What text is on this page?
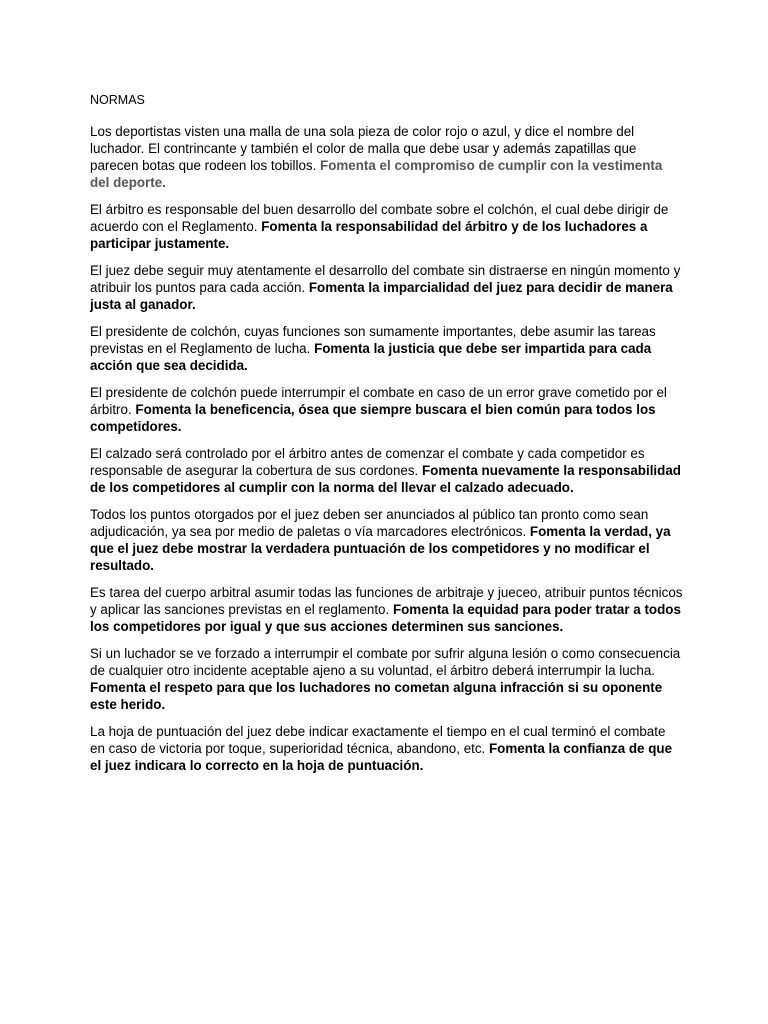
NORMAS

Los deportistas visten una malla de una sola pieza de color rojo o azul, y dice el nombre del luchador. El contrincante y también el color de malla que debe usar y además zapatillas que parecen botas que rodeen los tobillos. Fomenta el compromiso de cumplir con la vestimenta del deporte.

El árbitro es responsable del buen desarrollo del combate sobre el colchón, el cual debe dirigir de acuerdo con el Reglamento. Fomenta la responsabilidad del árbitro y de los luchadores a participar justamente.

El juez debe seguir muy atentamente el desarrollo del combate sin distraerse en ningún momento y atribuir los puntos para cada acción. Fomenta la imparcialidad del juez para decidir de manera justa al ganador.

El presidente de colchón, cuyas funciones son sumamente importantes, debe asumir las tareas previstas en el Reglamento de lucha. Fomenta la justicia que debe ser impartida para cada acción que sea decidida.

El presidente de colchón puede interrumpir el combate en caso de un error grave cometido por el árbitro. Fomenta la beneficencia, ósea que siempre buscara el bien común para todos los competidores.

El calzado será controlado por el árbitro antes de comenzar el combate y cada competidor es responsable de asegurar la cobertura de sus cordones. Fomenta nuevamente la responsabilidad de los competidores al cumplir con la norma del llevar el calzado adecuado.

Todos los puntos otorgados por el juez deben ser anunciados al público tan pronto como sean adjudicación, ya sea por medio de paletas o vía marcadores electrónicos. Fomenta la verdad, ya que el juez debe mostrar la verdadera puntuación de los competidores y no modificar el resultado.

Es tarea del cuerpo arbitral asumir todas las funciones de arbitraje y jueceo, atribuir puntos técnicos y aplicar las sanciones previstas en el reglamento. Fomenta la equidad para poder tratar a todos los competidores por igual y que sus acciones determinen sus sanciones.

Si un luchador se ve forzado a interrumpir el combate por sufrir alguna lesión o como consecuencia de cualquier otro incidente aceptable ajeno a su voluntad, el árbitro deberá interrumpir la lucha. Fomenta el respeto para que los luchadores no cometan alguna infracción si su oponente este herido.

La hoja de puntuación del juez debe indicar exactamente el tiempo en el cual terminó el combate en caso de victoria por toque, superioridad técnica, abandono, etc. Fomenta la confianza de que el juez indicara lo correcto en la hoja de puntuación.
